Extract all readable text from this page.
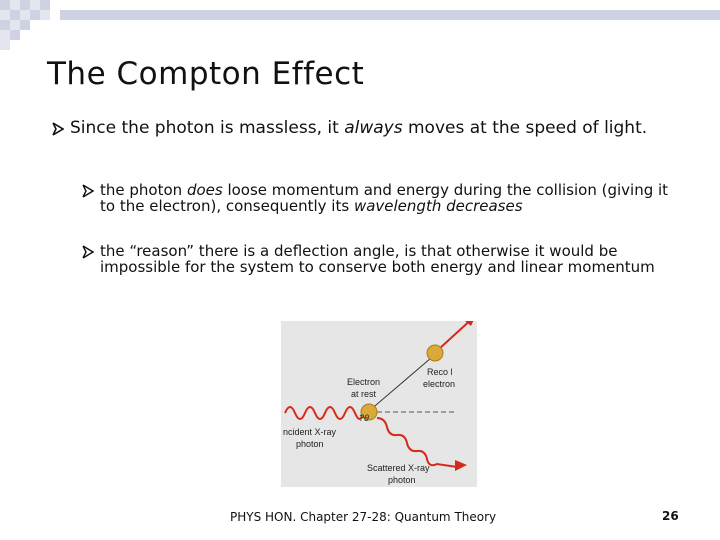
The Compton Effect
Since the photon is massless, it always moves at the speed of light.
the photon does loose momentum and energy during the collision (giving it to the electron), consequently its wavelength decreases
the “reason” there is a deflection angle, is that otherwise it would be impossible for the system to conserve both energy and linear momentum
Electron
at rest
Reco l
electron
?θ
ncident X-ray
photon
Scattered X-ray
photon
PHYS HON. Chapter 27-28: Quantum Theory	26
